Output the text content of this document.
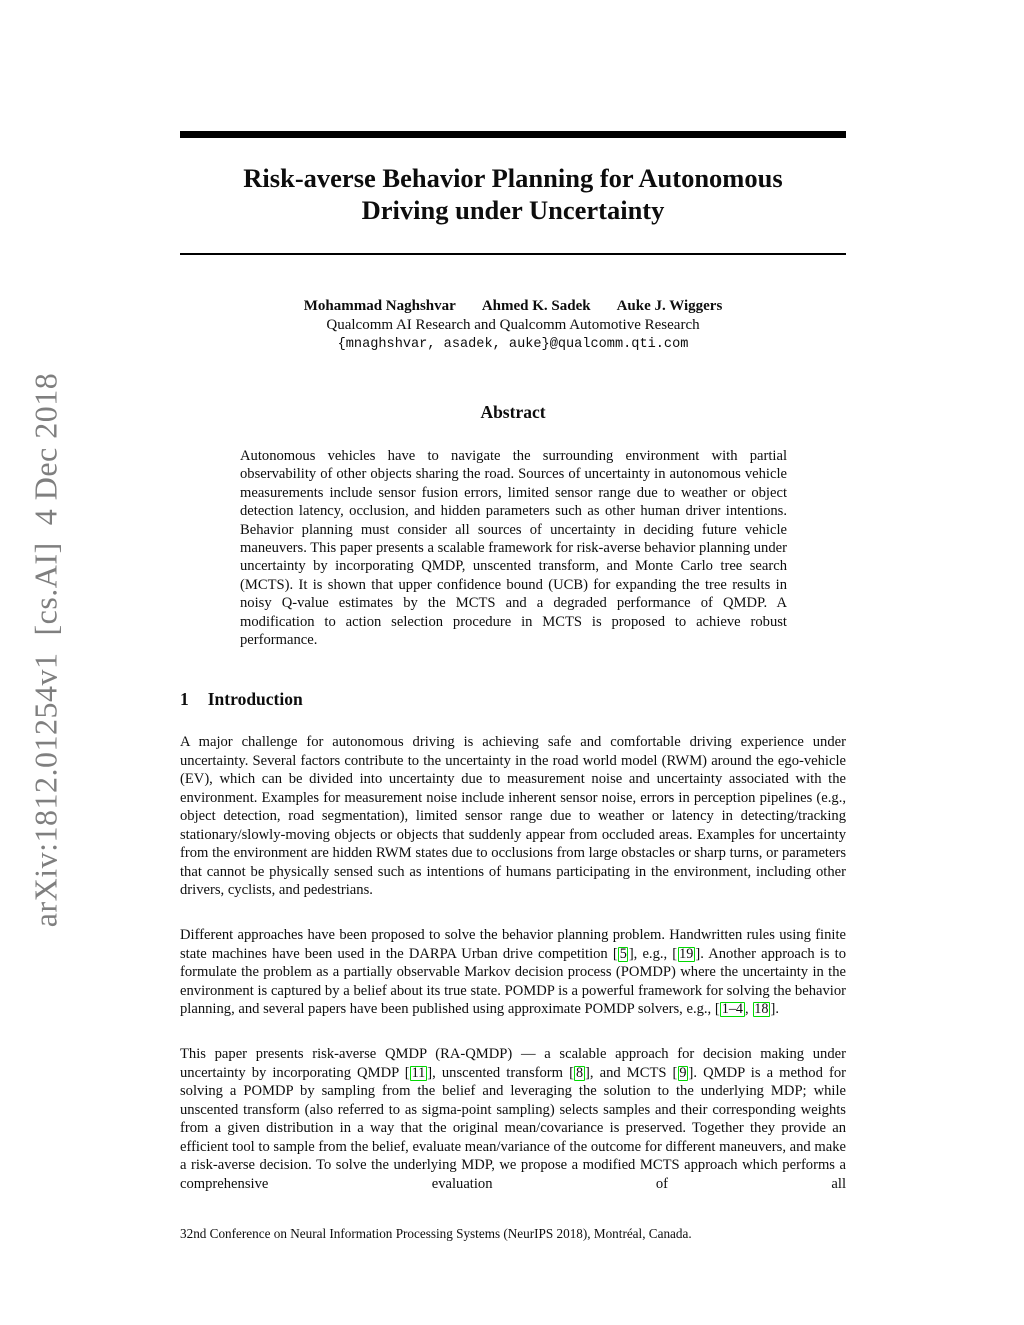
arXiv:1812.01254v1  [cs.AI]  4 Dec 2018
Risk-averse Behavior Planning for Autonomous
Driving under Uncertainty
Mohammad Naghshvar Ahmed K. Sadek Auke J. Wiggers
Qualcomm AI Research and Qualcomm Automotive Research
{mnaghshvar, asadek, auke}@qualcomm.qti.com
Abstract
Autonomous vehicles have to navigate the surrounding environment with partial observability of other objects sharing the road. Sources of uncertainty in autonomous vehicle measurements include sensor fusion errors, limited sensor range due to weather or object detection latency, occlusion, and hidden parameters such as other human driver intentions. Behavior planning must consider all sources of uncertainty in deciding future vehicle maneuvers. This paper presents a scalable framework for risk-averse behavior planning under uncertainty by incorporating QMDP, unscented transform, and Monte Carlo tree search (MCTS). It is shown that upper confidence bound (UCB) for expanding the tree results in noisy Q-value estimates by the MCTS and a degraded performance of QMDP. A modification to action selection procedure in MCTS is proposed to achieve robust performance.
1 Introduction

A major challenge for autonomous driving is achieving safe and comfortable driving experience under uncertainty. Several factors contribute to the uncertainty in the road world model (RWM) around the ego-vehicle (EV), which can be divided into uncertainty due to measurement noise and uncertainty associated with the environment. Examples for measurement noise include inherent sensor noise, errors in perception pipelines (e.g., object detection, road segmentation), limited sensor range due to weather or latency in detecting/tracking stationary/slowly-moving objects or objects that suddenly appear from occluded areas. Examples for uncertainty from the environment are hidden RWM states due to occlusions from large obstacles or sharp turns, or parameters that cannot be physically sensed such as intentions of humans participating in the environment, including other drivers, cyclists, and pedestrians.

Different approaches have been proposed to solve the behavior planning problem. Handwritten rules using finite state machines have been used in the DARPA Urban drive competition [ 5 ], e.g., [ 19 ]. Another approach is to formulate the problem as a partially observable Markov decision process (POMDP) where the uncertainty in the environment is captured by a belief about its true state. POMDP is a powerful framework for solving the behavior planning, and several papers have been published using approximate POMDP solvers, e.g., [ 1–4 , 18 ].

This paper presents risk-averse QMDP (RA-QMDP) — a scalable approach for decision making under uncertainty by incorporating QMDP [ 11 ], unscented transform [ 8 ], and MCTS [ 9 ]. QMDP is a method for solving a POMDP by sampling from the belief and leveraging the solution to the underlying MDP; while unscented transform (also referred to as sigma-point sampling) selects samples and their corresponding weights from a given distribution in a way that the original mean/covariance is preserved. Together they provide an efficient tool to sample from the belief, evaluate mean/variance of the outcome for different maneuvers, and make a risk-averse decision. To solve the underlying MDP, we propose a modified MCTS approach which performs a comprehensive evaluation of all

32nd Conference on Neural Information Processing Systems (NeurIPS 2018), Montréal, Canada.
